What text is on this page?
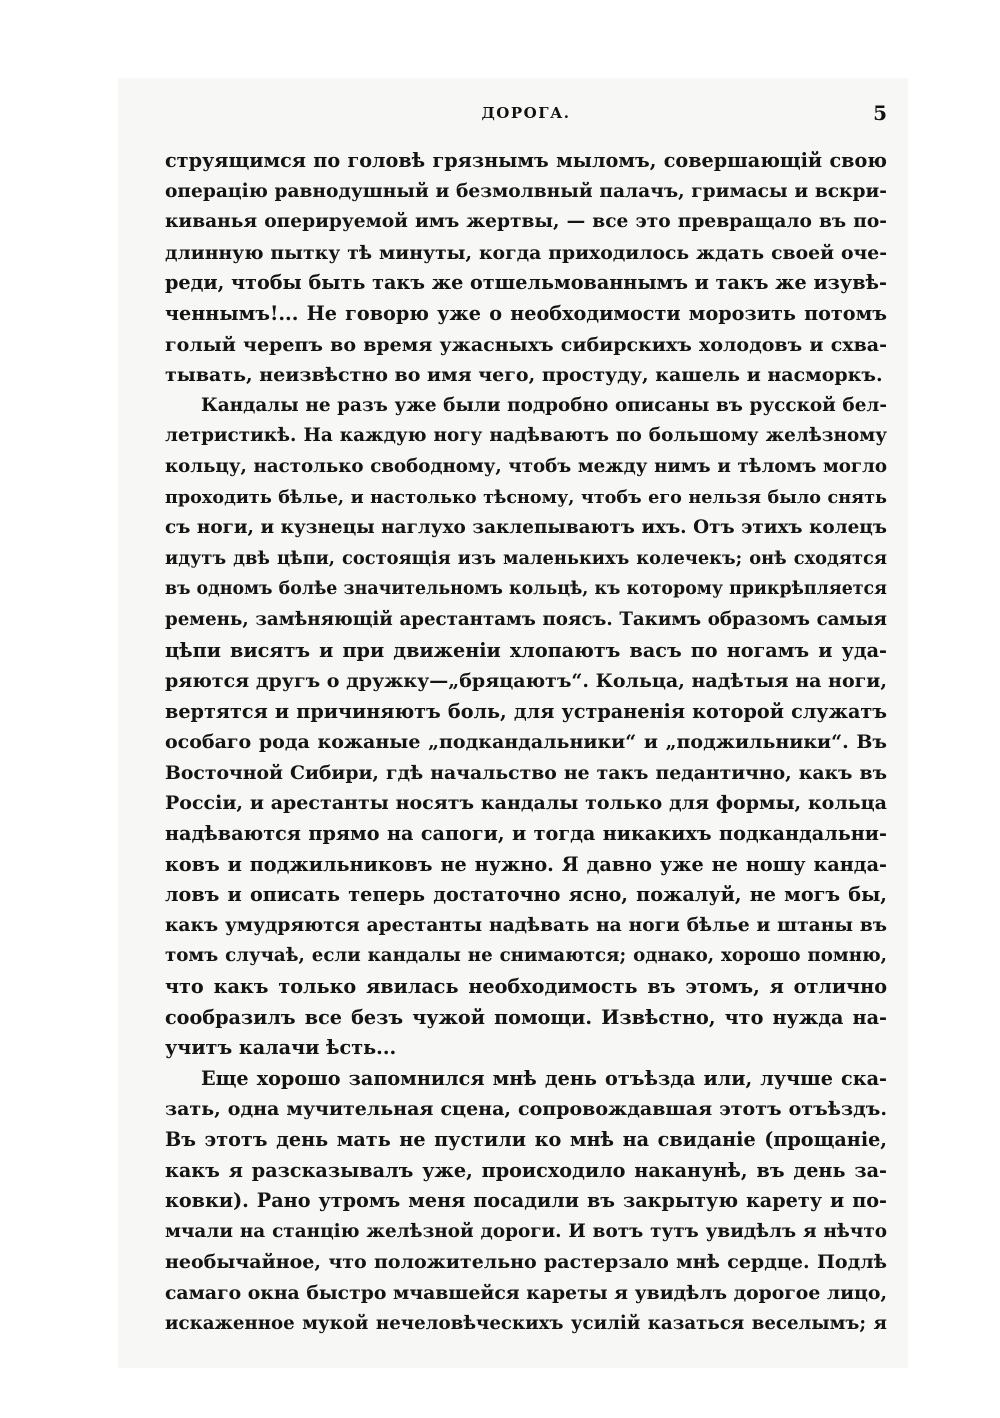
ДОРОГА.	5
струящимся по головѣ грязнымъ мыломъ, совершающій свою
операцію равнодушный и безмолвный палачъ, гримасы и вскри-
киванья оперируемой имъ жертвы, — все это превращало въ по-
длинную пытку тѣ минуты, когда приходилось ждать своей оче-
реди, чтобы быть такъ же отшельмованнымъ и такъ же изувѣ-
ченнымъ!... Не говорю уже о необходимости морозить потомъ
голый черепъ во время ужасныхъ сибирскихъ холодовъ и схва-
тывать, неизвѣстно во имя чего, простуду, кашель и насморкъ.
Кандалы не разъ уже были подробно описаны въ русской бел-
летристикѣ. На каждую ногу надѣваютъ по большому желѣзному
кольцу, настолько свободному, чтобъ между нимъ и тѣломъ могло
проходить бѣлье, и настолько тѣсному, чтобъ его нельзя было снять
съ ноги, и кузнецы наглухо заклепываютъ ихъ. Отъ этихъ колецъ
идутъ двѣ цѣпи, состоящія изъ маленькихъ колечекъ; онѣ сходятся
въ одномъ болѣе значительномъ кольцѣ, къ которому прикрѣпляется
ремень, замѣняющій арестантамъ поясъ. Такимъ образомъ самыя
цѣпи висятъ и при движеніи хлопаютъ васъ по ногамъ и уда-
ряются другъ о дружку—„бряцаютъ“. Кольца, надѣтыя на ноги,
вертятся и причиняютъ боль, для устраненія которой служатъ
особаго рода кожаные „подкандальники“ и „поджильники“. Въ
Восточной Сибири, гдѣ начальство не такъ педантично, какъ въ
Россіи, и арестанты носятъ кандалы только для формы, кольца
надѣваются прямо на сапоги, и тогда никакихъ подкандальни-
ковъ и поджильниковъ не нужно. Я давно уже не ношу канда-
ловъ и описать теперь достаточно ясно, пожалуй, не могъ бы,
какъ умудряются арестанты надѣвать на ноги бѣлье и штаны въ
томъ случаѣ, если кандалы не снимаются; однако, хорошо помню,
что какъ только явилась необходимость въ этомъ, я отлично
сообразилъ все безъ чужой помощи. Извѣстно, что нужда на-
учитъ калачи ѣсть...
Еще хорошо запомнился мнѣ день отъѣзда или, лучше ска-
зать, одна мучительная сцена, сопровождавшая этотъ отъѣздъ.
Въ этотъ день мать не пустили ко мнѣ на свиданіе (прощаніе,
какъ я разсказывалъ уже, происходило наканунѣ, въ день за-
ковки). Рано утромъ меня посадили въ закрытую карету и по-
мчали на станцію желѣзной дороги. И вотъ тутъ увидѣлъ я нѣчто
необычайное, что положительно растерзало мнѣ сердце. Подлѣ
самаго окна быстро мчавшейся кареты я увидѣлъ дорогое лицо,
искаженное мукой нечеловѣческихъ усилій казаться веселымъ; я
